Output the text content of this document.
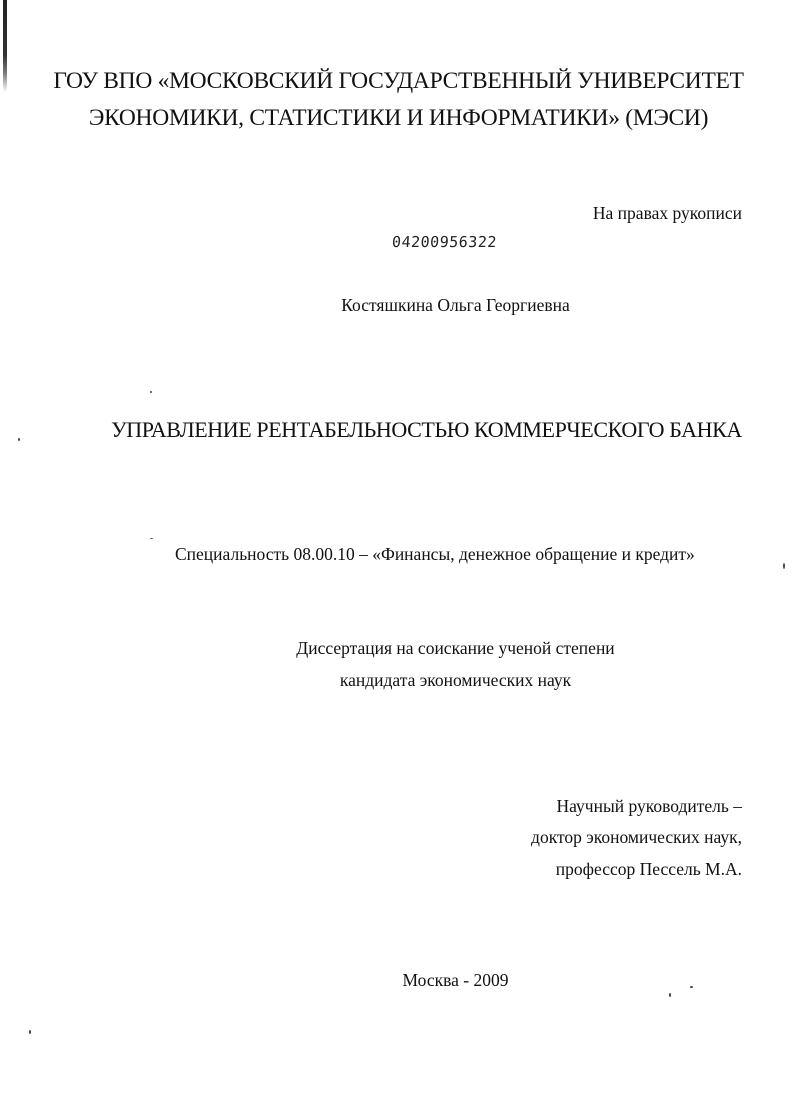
ГОУ ВПО «МОСКОВСКИЙ ГОСУДАРСТВЕННЫЙ УНИВЕРСИТЕТ
ЭКОНОМИКИ, СТАТИСТИКИ И ИНФОРМАТИКИ» (МЭСИ)
На правах рукописи
04200956322
Костяшкина Ольга Георгиевна
УПРАВЛЕНИЕ РЕНТАБЕЛЬНОСТЬЮ КОММЕРЧЕСКОГО БАНКА
Специальность 08.00.10 – «Финансы, денежное обращение и кредит»
Диссертация на соискание ученой степени
кандидата экономических наук
Научный руководитель –
доктор экономических наук,
профессор Пессель М.А.
Москва - 2009
